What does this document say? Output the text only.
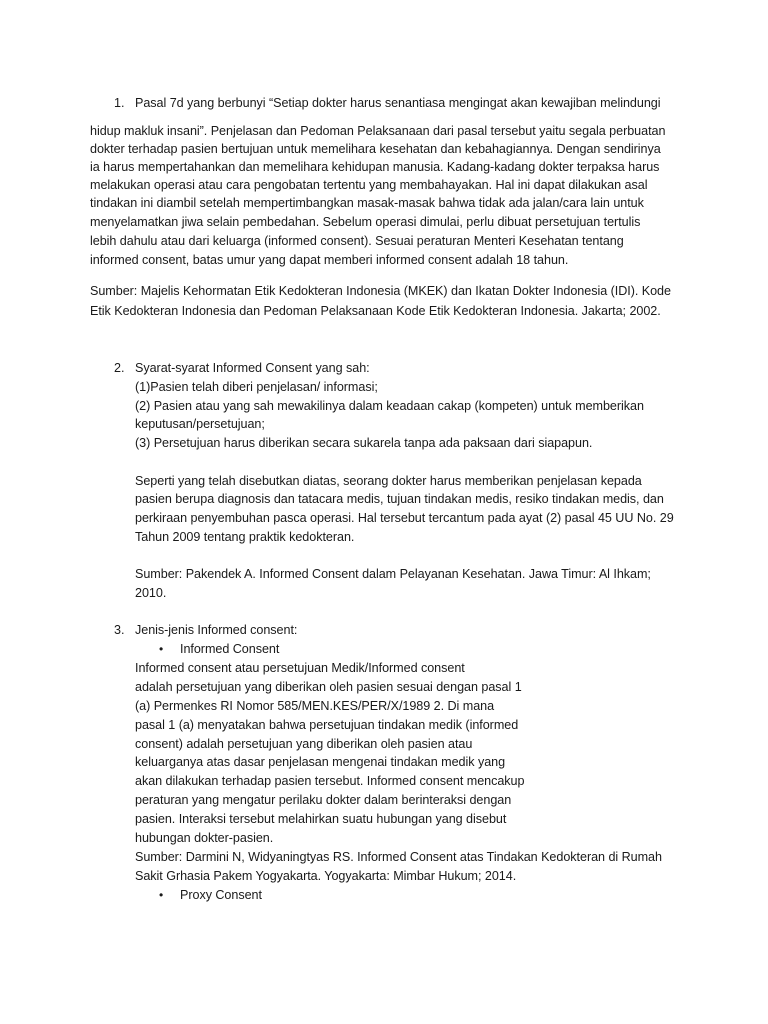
1. Pasal 7d yang berbunyi “Setiap dokter harus senantiasa mengingat akan kewajiban melindungi
hidup makluk insani”. Penjelasan dan Pedoman Pelaksanaan dari pasal tersebut yaitu segala perbuatan
dokter terhadap pasien bertujuan untuk memelihara kesehatan dan kebahagiannya. Dengan sendirinya
ia harus mempertahankan dan memelihara kehidupan manusia. Kadang-kadang dokter terpaksa harus
melakukan operasi atau cara pengobatan tertentu yang membahayakan. Hal ini dapat dilakukan asal
tindakan ini diambil setelah mempertimbangkan masak-masak bahwa tidak ada jalan/cara lain untuk
menyelamatkan jiwa selain pembedahan. Sebelum operasi dimulai, perlu dibuat persetujuan tertulis
lebih dahulu atau dari keluarga (informed consent). Sesuai peraturan Menteri Kesehatan tentang
informed consent, batas umur yang dapat memberi informed consent adalah 18 tahun.
Sumber: Majelis Kehormatan Etik Kedokteran Indonesia (MKEK) dan Ikatan Dokter Indonesia (IDI). Kode
Etik Kedokteran Indonesia dan Pedoman Pelaksanaan Kode Etik Kedokteran Indonesia. Jakarta; 2002.
2. Syarat-syarat Informed Consent yang sah:
(1)Pasien telah diberi penjelasan/ informasi;
(2) Pasien atau yang sah mewakilinya dalam keadaan cakap (kompeten) untuk memberikan
keputusan/persetujuan;
(3) Persetujuan harus diberikan secara sukarela tanpa ada paksaan dari siapapun.
Seperti yang telah disebutkan diatas, seorang dokter harus memberikan penjelasan kepada
pasien berupa diagnosis dan tatacara medis, tujuan tindakan medis, resiko tindakan medis, dan
perkiraan penyembuhan pasca operasi. Hal tersebut tercantum pada ayat (2) pasal 45 UU No. 29
Tahun 2009 tentang praktik kedokteran.
Sumber: Pakendek A. Informed Consent dalam Pelayanan Kesehatan. Jawa Timur: Al Ihkam;
2010.
3. Jenis-jenis Informed consent:
• Informed Consent
Informed consent atau persetujuan Medik/Informed consent
adalah persetujuan yang diberikan oleh pasien sesuai dengan pasal 1
(a) Permenkes RI Nomor 585/MEN.KES/PER/X/1989 2. Di mana
pasal 1 (a) menyatakan bahwa persetujuan tindakan medik (informed
consent) adalah persetujuan yang diberikan oleh pasien atau
keluarganya atas dasar penjelasan mengenai tindakan medik yang
akan dilakukan terhadap pasien tersebut. Informed consent mencakup
peraturan yang mengatur perilaku dokter dalam berinteraksi dengan
pasien. Interaksi tersebut melahirkan suatu hubungan yang disebut
hubungan dokter-pasien.
Sumber: Darmini N, Widyaningtyas RS. Informed Consent atas Tindakan Kedokteran di Rumah
Sakit Grhasia Pakem Yogyakarta. Yogyakarta: Mimbar Hukum; 2014.
• Proxy Consent
